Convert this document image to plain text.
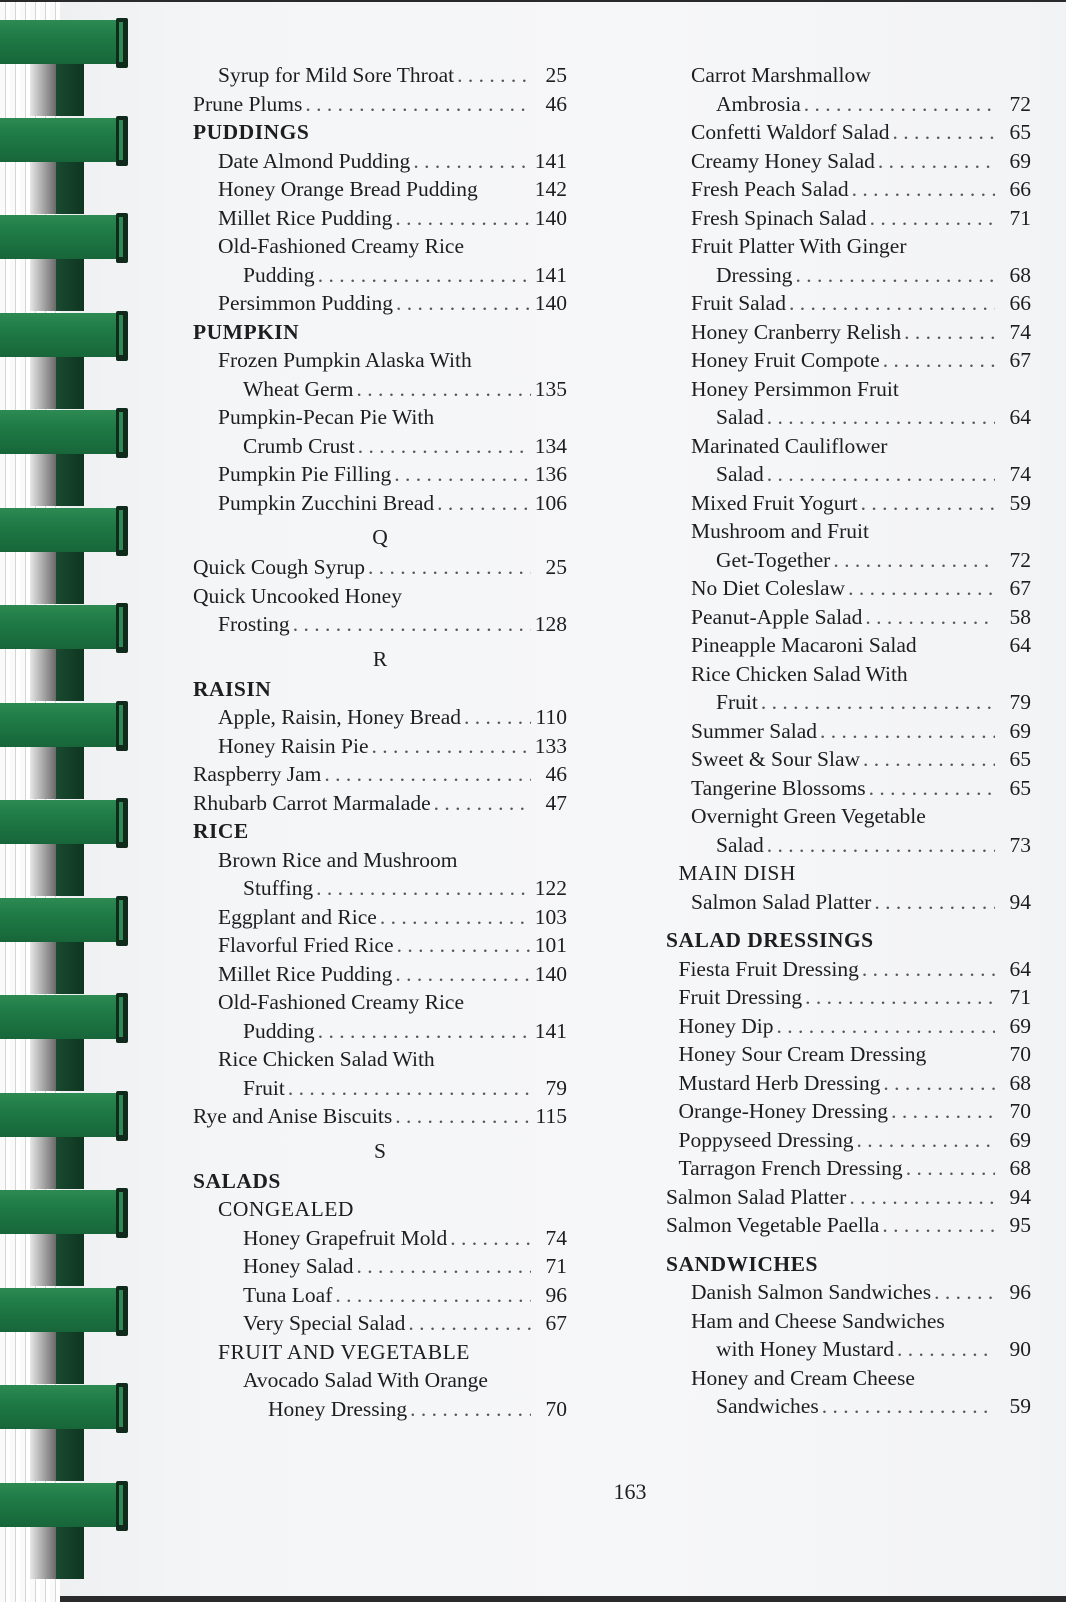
Syrup for Mild Sore Throat . . .	25
Prune Plums . . .	46
PUDDINGS
Date Almond Pudding . . .	141
Honey Orange Bread Pudding	142
Millet Rice Pudding . . .	140
Old-Fashioned Creamy Rice
Pudding . . .	141
Persimmon Pudding . . .	140
PUMPKIN
Frozen Pumpkin Alaska With
Wheat Germ . . .	135
Pumpkin-Pecan Pie With
Crumb Crust . . .	134
Pumpkin Pie Filling . . .	136
Pumpkin Zucchini Bread . . .	106
Q
Quick Cough Syrup . . .	25
Quick Uncooked Honey
Frosting . . .	128
R
RAISIN
Apple, Raisin, Honey Bread . . .	110
Honey Raisin Pie . . .	133
Raspberry Jam . . .	46
Rhubarb Carrot Marmalade . . .	47
RICE
Brown Rice and Mushroom
Stuffing . . .	122
Eggplant and Rice . . .	103
Flavorful Fried Rice . . .	101
Millet Rice Pudding . . .	140
Old-Fashioned Creamy Rice
Pudding . . .	141
Rice Chicken Salad With
Fruit . . .	79
Rye and Anise Biscuits . . .	115
S
SALADS
CONGEALED
Honey Grapefruit Mold . . .	74
Honey Salad . . .	71
Tuna Loaf . . .	96
Very Special Salad . . .	67
FRUIT AND VEGETABLE
Avocado Salad With Orange
Honey Dressing . . .	70
Carrot Marshmallow
Ambrosia . . .	72
Confetti Waldorf Salad . . .	65
Creamy Honey Salad . . .	69
Fresh Peach Salad . . .	66
Fresh Spinach Salad . . .	71
Fruit Platter With Ginger
Dressing . . .	68
Fruit Salad . . .	66
Honey Cranberry Relish . . .	74
Honey Fruit Compote . . .	67
Honey Persimmon Fruit
Salad . . .	64
Marinated Cauliflower
Salad . . .	74
Mixed Fruit Yogurt . . .	59
Mushroom and Fruit
Get-Together . . .	72
No Diet Coleslaw . . .	67
Peanut-Apple Salad . . .	58
Pineapple Macaroni Salad	64
Rice Chicken Salad With
Fruit . . .	79
Summer Salad . . .	69
Sweet & Sour Slaw . . .	65
Tangerine Blossoms . . .	65
Overnight Green Vegetable
Salad . . .	73
MAIN DISH
Salmon Salad Platter . . .	94
SALAD DRESSINGS
Fiesta Fruit Dressing . . .	64
Fruit Dressing . . .	71
Honey Dip . . .	69
Honey Sour Cream Dressing	70
Mustard Herb Dressing . . .	68
Orange-Honey Dressing . . .	70
Poppyseed Dressing . . .	69
Tarragon French Dressing . . .	68
Salmon Salad Platter . . .	94
Salmon Vegetable Paella . . .	95
SANDWICHES
Danish Salmon Sandwiches . . .	96
Ham and Cheese Sandwiches
with Honey Mustard . . .	90
Honey and Cream Cheese
Sandwiches . . .	59
163
